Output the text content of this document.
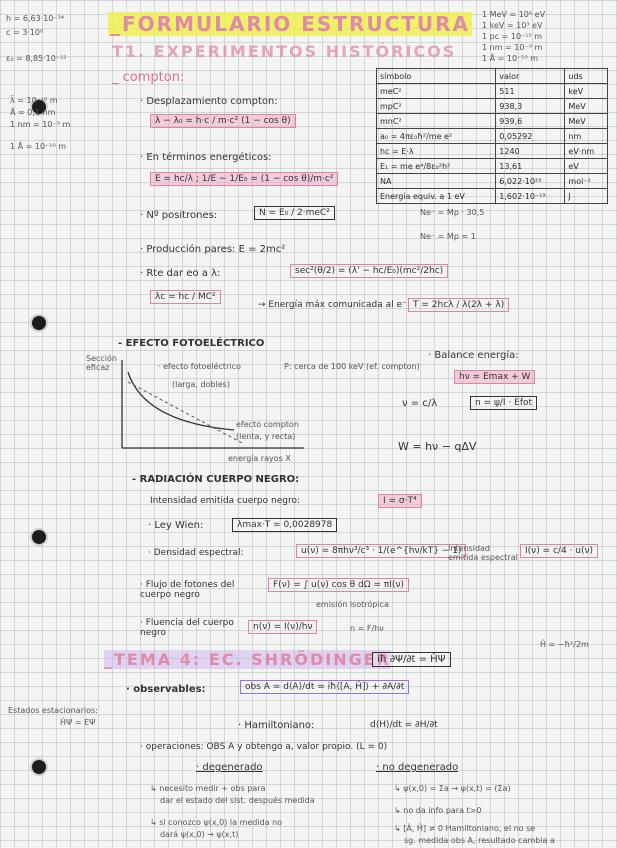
h = 6,63·10⁻³⁴
c = 3·10⁸
ε₀ = 8,85·10⁻¹²
λ̄ = 10⁻¹⁰ m
Å = 0,1 nm
1 nm = 10⁻⁹ m
1 Å = 10⁻¹⁰ m
_FORMULARIO ESTRUCTURA
T1. EXPERIMENTOS HISTÓRICOS
_ compton:
1 MeV = 10⁶ eV
1 keV = 10³ eV
1 pc = 10⁻¹⁵ m
1 nm = 10⁻⁹ m
1 Å = 10⁻¹⁰ m
símbolo	valor	uds
meC²	511	keV
mpC²	938,3	MeV
mnC²	939,6	MeV
a₀ = 4πε₀ħ²/me e²	0,05292	nm
hc = E·λ	1240	eV·nm
E₁ = me e⁴/8ε₀²h²	13,61	eV
NA	6,022·10²³	mol⁻¹
Energía equiv. a 1 eV	1,602·10⁻¹⁹	J
· Desplazamiento compton:
λ − λ₀ = h·c / m·c² (1 − cos θ)
· En términos energéticos:
E = hc/λ ; 1/E − 1/E₀ = (1 − cos θ)/m·c²
· Nº positrones:	N = E₀ / 2·meC²	Ne⁻ = Mp · 30,5
Ne⁻ = Mp ≈ 1
· Producción pares: E = 2mc²
· Rte dar eo a λ:	sec²(θ/2) = (λ' − hc/E₀)(mc²/2hc)
λc = hc / MC²
→ Energía máx comunicada al e⁻ T = 2hcλ / λ(2λ + λ)
- EFECTO FOTOELÉCTRICO
Sección eficaz
energía rayos X
· efecto fotoeléctrico
(larga, dobles)
efecto compton
(lenta, y recta)
P: cerca de 100 keV (ef. compton)
· Balance energía:
hν = Emax + W
ν = c/λ	n = ψ/I · Efot
W = hν − qΔV
- RADIACIÓN CUERPO NEGRO:
Intensidad emitida cuerpo negro:	I = σ·T⁴
· Ley Wien:	λmax·T = 0,0028978
· Densidad espectral:	u(ν) = 8πhν³/c³ · 1/(e^{hν/kT} − 1)
Intensidad emitida espectral
I(ν) = c/4 · u(ν)
· Flujo de fotones del cuerpo negro
F(ν) = ∫ u(ν) cos θ dΩ = πI(ν)
emisión isotrópica
· Fluencia del cuerpo negro
n(ν) = I(ν)/hν	n = F/hν
_TEMA 4: EC. SHRÖDINGER
iħ ∂Ψ/∂t = ĤΨ
Ĥ = −ħ²/2m
Estados estacionarios:
ĤΨ = EΨ
· observables:	obs A = d⟨A⟩/dt = iħ⟨[A, Ĥ]⟩ + ∂A/∂t
· Hamiltoniano:	d⟨H⟩/dt = ∂H/∂t
· operaciones: OBS A y obtengo a, valor propio. (L = 0)
· degenerado	· no degenerado
↳ necesito medir + obs para
dar el estado del sist. después medida
↳ si conozco ψ(x,0) la medida no
dará ψ(x,0) → ψ(x,t)
↳ ψ(x,0) = Σa → ψ(x,t) = (Σa)
↳ no da info para t>0
↳ [Â, Ĥ] ≠ 0 Hamiltoniano, el no se
sg. medida obs A, resultado cambia a
